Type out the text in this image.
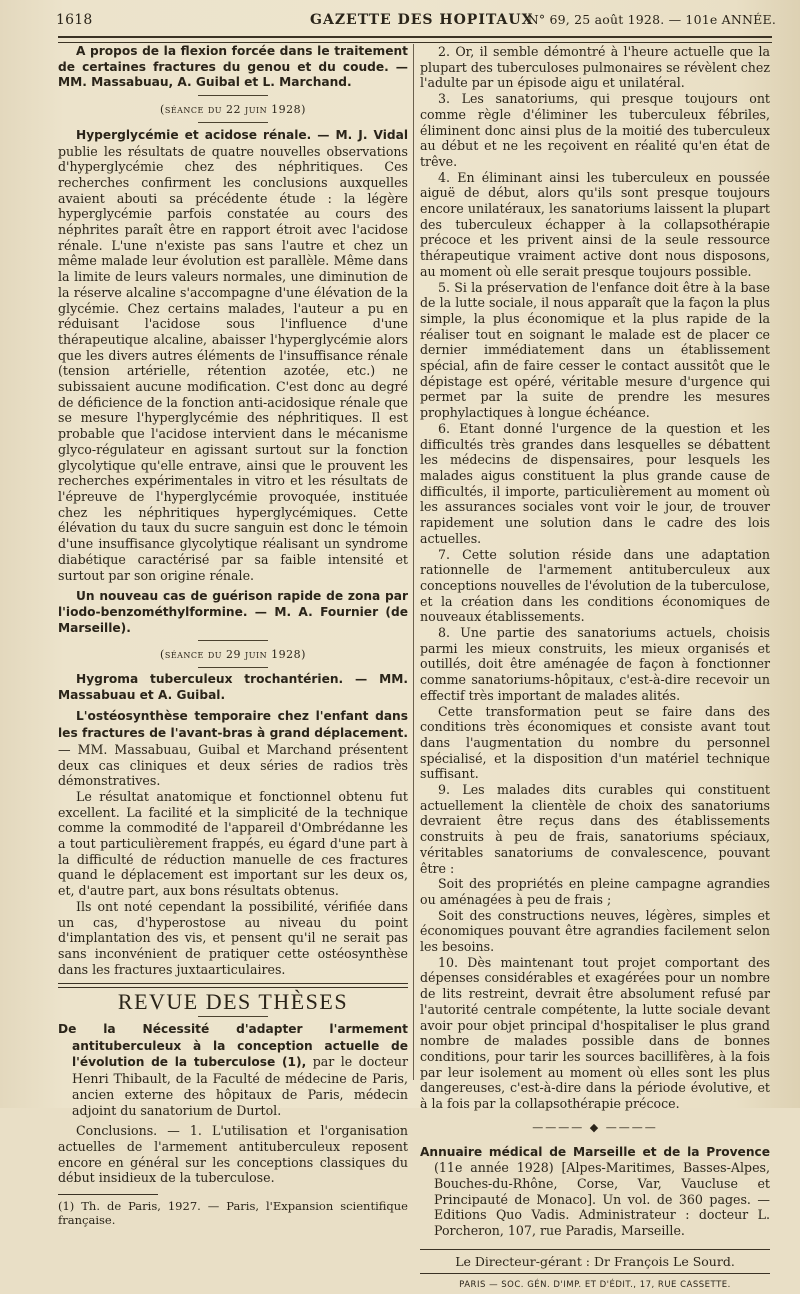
1618	GAZETTE DES HOPITAUX
N° 69, 25 août 1928. — 101e ANNÉE.

A propos de la flexion forcée dans le traitement de certaines fractures du genou et du coude. — MM. Massabuau, A. Guibal et L. Marchand.

(séance du 22 juin 1928)

Hyperglycémie et acidose rénale. — M. J. Vidal publie les résultats de quatre nouvelles observations d'hyperglycémie chez des néphritiques. Ces recherches confirment les conclusions auxquelles avaient abouti sa précédente étude : la légère hyperglycémie parfois constatée au cours des néphrites paraît être en rapport étroit avec l'acidose rénale. L'une n'existe pas sans l'autre et chez un même malade leur évolution est parallèle. Même dans la limite de leurs valeurs normales, une diminution de la réserve alcaline s'accompagne d'une élévation de la glycémie. Chez certains malades, l'auteur a pu en réduisant l'acidose sous l'influence d'une thérapeutique alcaline, abaisser l'hyperglycémie alors que les divers autres éléments de l'insuffisance rénale (tension artérielle, rétention azotée, etc.) ne subissaient aucune modification. C'est donc au degré de déficience de la fonction anti-acidosique rénale que se mesure l'hyperglycémie des néphritiques. Il est probable que l'acidose intervient dans le mécanisme glyco-régulateur en agissant surtout sur la fonction glycolytique qu'elle entrave, ainsi que le prouvent les recherches expérimentales in vitro et les résultats de l'épreuve de l'hyperglycémie provoquée, instituée chez les néphritiques hyperglycémiques. Cette élévation du taux du sucre sanguin est donc le témoin d'une insuffisance glycolytique réalisant un syndrome diabétique caractérisé par sa faible intensité et surtout par son origine rénale.

Un nouveau cas de guérison rapide de zona par l'iodo-benzométhylformine. — M. A. Fournier (de Marseille).

(séance du 29 juin 1928)

Hygroma tuberculeux trochantérien. — MM. Massabuau et A. Guibal.

L'ostéosynthèse temporaire chez l'enfant dans les fractures de l'avant-bras à grand déplacement. — MM. Massabuau, Guibal et Marchand présentent deux cas cliniques et deux séries de radios très démonstratives.

Le résultat anatomique et fonctionnel obtenu fut excellent. La facilité et la simplicité de la technique comme la commodité de l'appareil d'Ombrédanne les a tout particulièrement frappés, eu égard d'une part à la difficulté de réduction manuelle de ces fractures quand le déplacement est important sur les deux os, et, d'autre part, aux bons résultats obtenus.

Ils ont noté cependant la possibilité, vérifiée dans un cas, d'hyperostose au niveau du point d'implantation des vis, et pensent qu'il ne serait pas sans inconvénient de pratiquer cette ostéosynthèse dans les fractures juxtaarticulaires.

REVUE DES THÈSES

De la Nécessité d'adapter l'armement antituberculeux à la conception actuelle de l'évolution de la tuberculose (1), par le docteur Henri Thibault, de la Faculté de médecine de Paris, ancien externe des hôpitaux de Paris, médecin adjoint du sanatorium de Durtol.

Conclusions. — 1. L'utilisation et l'organisation actuelles de l'armement antituberculeux reposent encore en général sur les conceptions classiques du début insidieux de la tuberculose.

(1) Th. de Paris, 1927. — Paris, l'Expansion scientifique française.

2. Or, il semble démontré à l'heure actuelle que la plupart des tuberculoses pulmonaires se révèlent chez l'adulte par un épisode aigu et unilatéral.

3. Les sanatoriums, qui presque toujours ont comme règle d'éliminer les tuberculeux fébriles, éliminent donc ainsi plus de la moitié des tuberculeux au début et ne les reçoivent en réalité qu'en état de trêve.

4. En éliminant ainsi les tuberculeux en poussée aiguë de début, alors qu'ils sont presque toujours encore unilatéraux, les sanatoriums laissent la plupart des tuberculeux échapper à la collapsothérapie précoce et les privent ainsi de la seule ressource thérapeutique vraiment active dont nous disposons, au moment où elle serait presque toujours possible.

5. Si la préservation de l'enfance doit être à la base de la lutte sociale, il nous apparaît que la façon la plus simple, la plus économique et la plus rapide de la réaliser tout en soignant le malade est de placer ce dernier immédiatement dans un établissement spécial, afin de faire cesser le contact aussitôt que le dépistage est opéré, véritable mesure d'urgence qui permet par la suite de prendre les mesures prophylactiques à longue échéance.

6. Etant donné l'urgence de la question et les difficultés très grandes dans lesquelles se débattent les médecins de dispensaires, pour lesquels les malades aigus constituent la plus grande cause de difficultés, il importe, particulièrement au moment où les assurances sociales vont voir le jour, de trouver rapidement une solution dans le cadre des lois actuelles.

7. Cette solution réside dans une adaptation rationnelle de l'armement antituberculeux aux conceptions nouvelles de l'évolution de la tuberculose, et la création dans les conditions économiques de nouveaux établissements.

8. Une partie des sanatoriums actuels, choisis parmi les mieux construits, les mieux organisés et outillés, doit être aménagée de façon à fonctionner comme sanatoriums-hôpitaux, c'est-à-dire recevoir un effectif très important de malades alités.

Cette transformation peut se faire dans des conditions très économiques et consiste avant tout dans l'augmentation du nombre du personnel spécialisé, et la disposition d'un matériel technique suffisant.

9. Les malades dits curables qui constituent actuellement la clientèle de choix des sanatoriums devraient être reçus dans des établissements construits à peu de frais, sanatoriums spéciaux, véritables sanatoriums de convalescence, pouvant être :

Soit des propriétés en pleine campagne agrandies ou aménagées à peu de frais ;

Soit des constructions neuves, légères, simples et économiques pouvant être agrandies facilement selon les besoins.

10. Dès maintenant tout projet comportant des dépenses considérables et exagérées pour un nombre de lits restreint, devrait être absolument refusé par l'autorité centrale compétente, la lutte sociale devant avoir pour objet principal d'hospitaliser le plus grand nombre de malades possible dans de bonnes conditions, pour tarir les sources bacillifères, à la fois par leur isolement au moment où elles sont les plus dangereuses, c'est-à-dire dans la période évolutive, et à la fois par la collapsothérapie précoce.

———— ◆ ————

Annuaire médical de Marseille et de la Provence (11e année 1928) [Alpes-Maritimes, Basses-Alpes, Bouches-du-Rhône, Corse, Var, Vaucluse et Principauté de Monaco]. Un vol. de 360 pages. — Editions Quo Vadis. Administrateur : docteur L. Porcheron, 107, rue Paradis, Marseille.

Le Directeur-gérant : Dr François Le Sourd.
PARIS — SOC. GÉN. D'IMP. ET D'ÉDIT., 17, RUE CASSETTE.
